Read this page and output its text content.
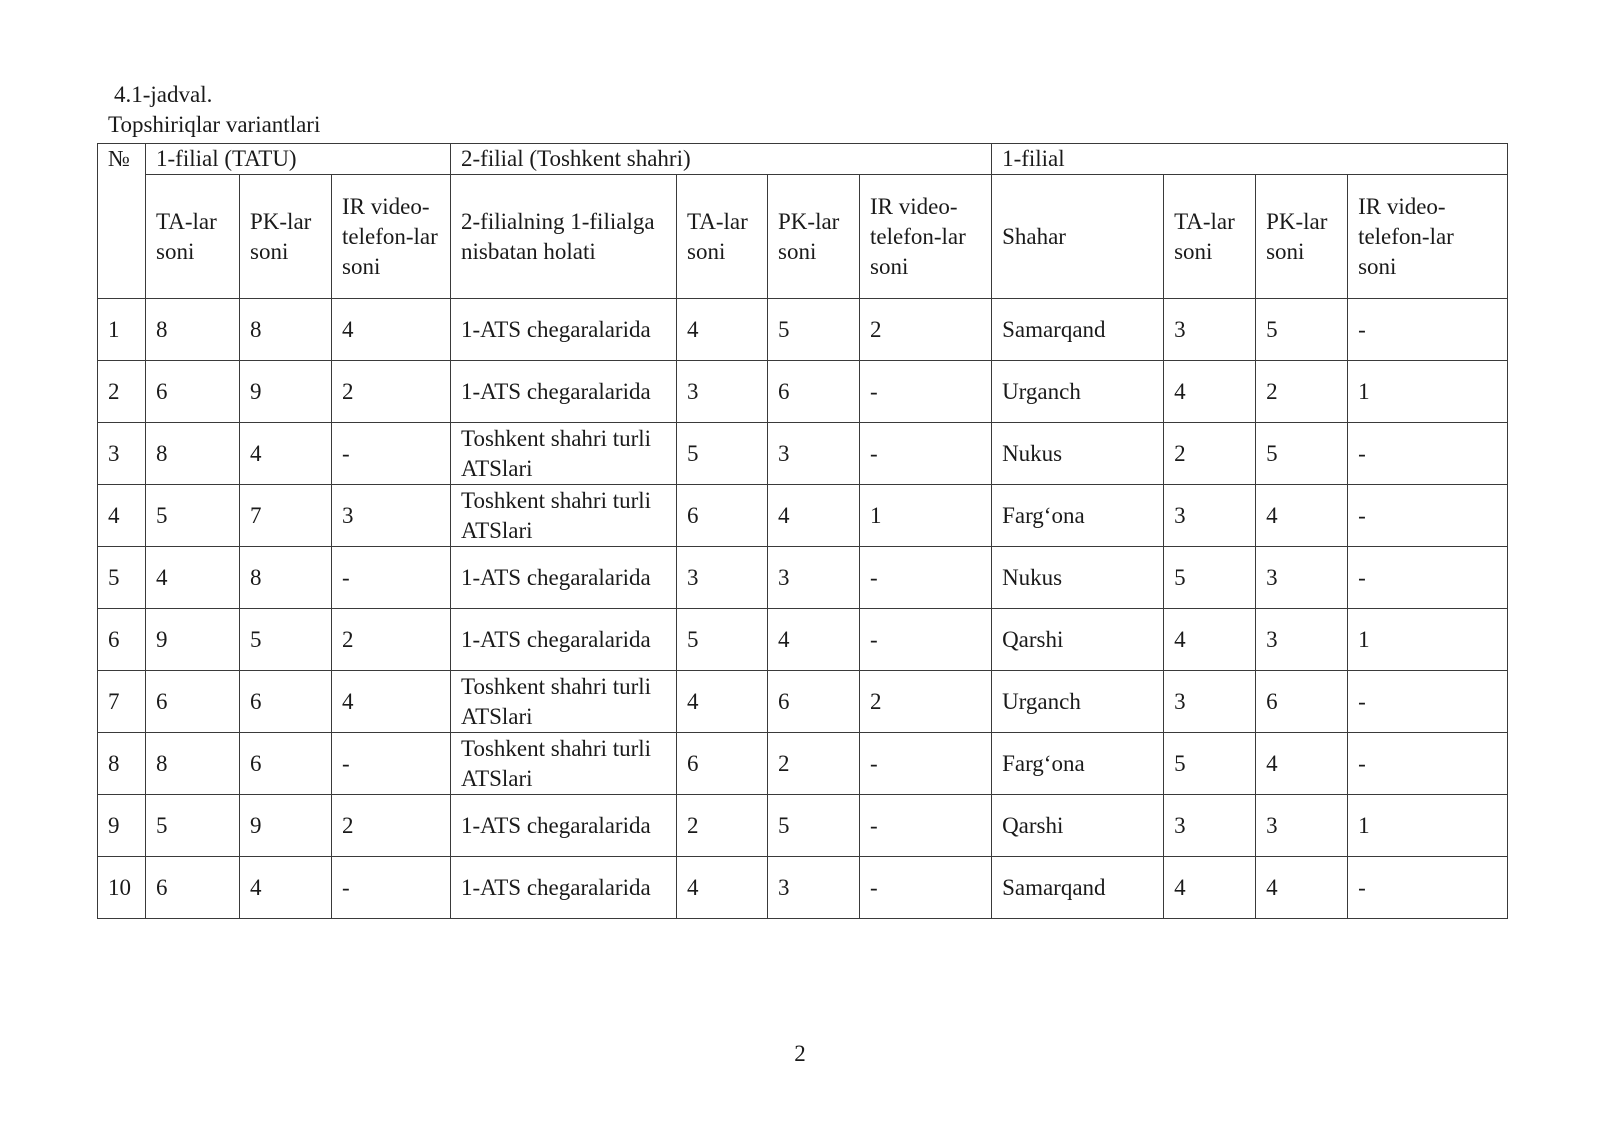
4.1-jadval.
Topshiriqlar variantlari
№	1-filial (TATU)			2-filial (Toshkent shahri)				1-filial			
	TA-lar soni	PK-lar soni	IR video-telefon-lar soni	2-filialning 1-filialga nisbatan holati	TA-lar soni	PK-lar soni	IR video-telefon-lar soni	Shahar	TA-lar soni	PK-lar soni	IR video-telefon-lar soni
1	8	8	4	1-ATS chegaralarida	4	5	2	Samarqand	3	5	-
2	6	9	2	1-ATS chegaralarida	3	6	-	Urganch	4	2	1
3	8	4	-	Toshkent shahri turli ATSlari	5	3	-	Nukus	2	5	-
4	5	7	3	Toshkent shahri turli ATSlari	6	4	1	Farg‘ona	3	4	-
5	4	8	-	1-ATS chegaralarida	3	3	-	Nukus	5	3	-
6	9	5	2	1-ATS chegaralarida	5	4	-	Qarshi	4	3	1
7	6	6	4	Toshkent shahri turli ATSlari	4	6	2	Urganch	3	6	-
8	8	6	-	Toshkent shahri turli ATSlari	6	2	-	Farg‘ona	5	4	-
9	5	9	2	1-ATS chegaralarida	2	5	-	Qarshi	3	3	1
10	6	4	-	1-ATS chegaralarida	4	3	-	Samarqand	4	4	-
2
